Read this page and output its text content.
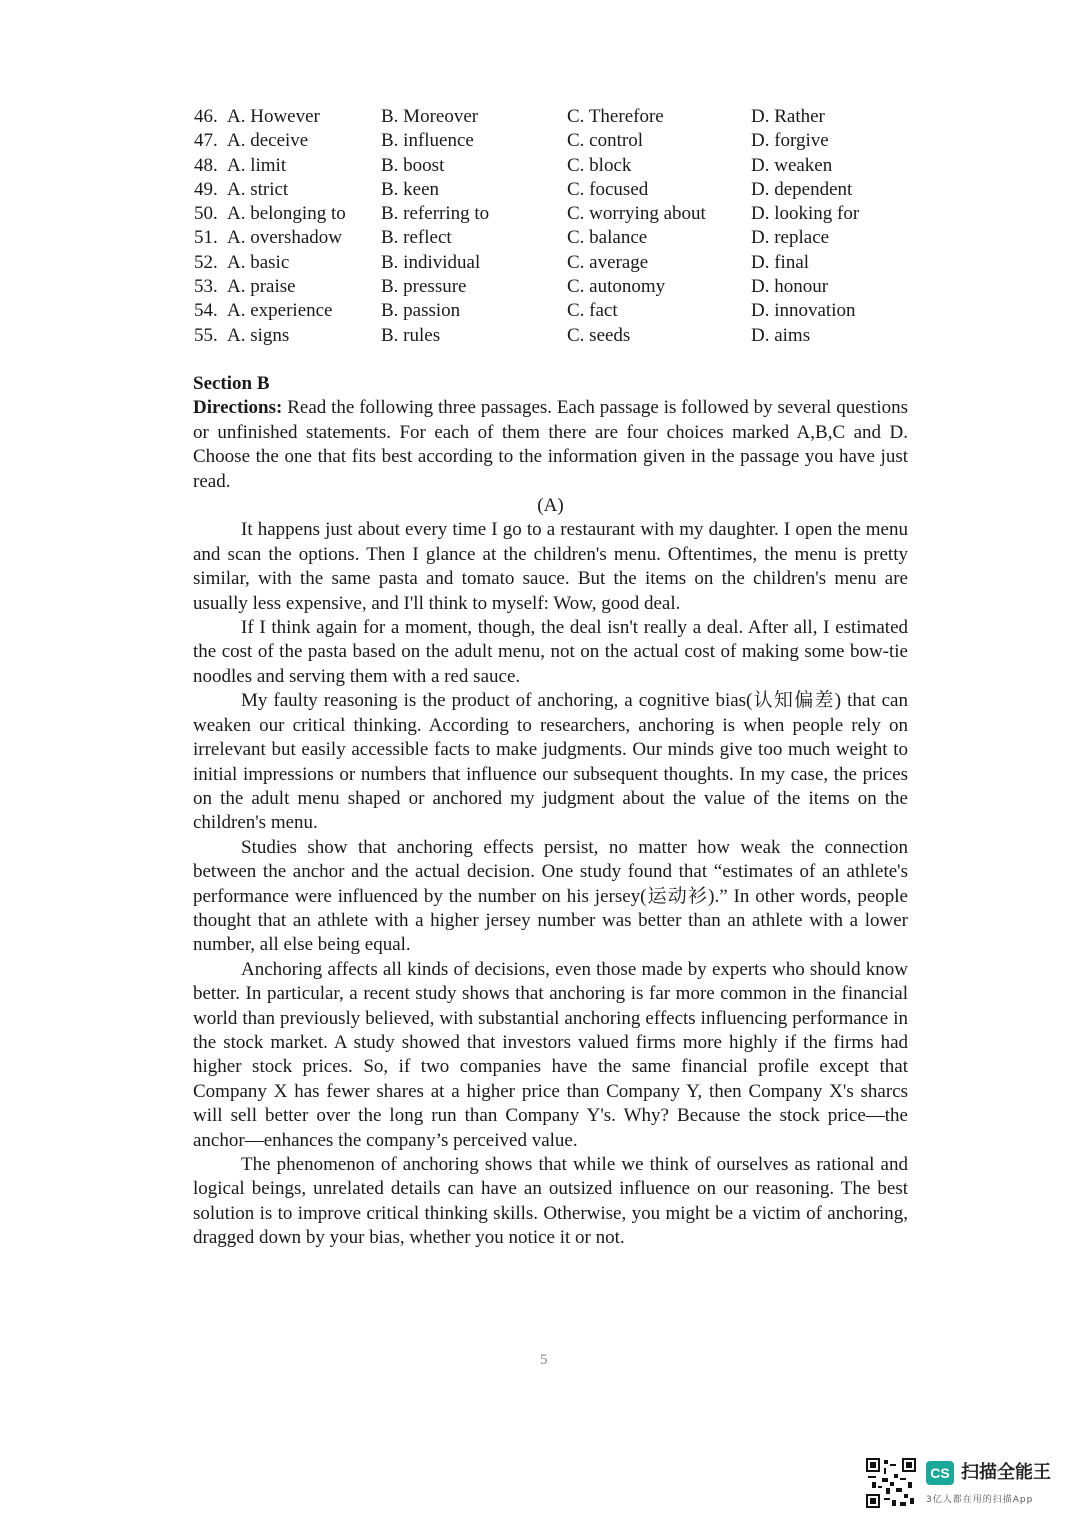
46. A. However	B. Moreover	C. Therefore	D. Rather
47. A. deceive	B. influence	C. control	D. forgive
48. A. limit	B. boost	C. block	D. weaken
49. A. strict	B. keen	C. focused	D. dependent
50. A. belonging to B. referring to	C. worrying about D. looking for
51. A. overshadow B. reflect	C. balance	D. replace
52. A. basic	B. individual	C. average	D. final
53. A. praise	B. pressure	C. autonomy	D. honour
54. A. experience	B. passion	C. fact	D. innovation
55. A. signs	B. rules	C. seeds	D. aims

Section B

Directions: Read the following three passages. Each passage is followed by several questions or unfinished statements. For each of them there are four choices marked A,B,C and D. Choose the one that fits best according to the information given in the passage you have just read.

(A)

It happens just about every time I go to a restaurant with my daughter. I open the menu and scan the options. Then I glance at the children's menu. Oftentimes, the menu is pretty similar, with the same pasta and tomato sauce. But the items on the children's menu are usually less expensive, and I'll think to myself: Wow, good deal.

If I think again for a moment, though, the deal isn't really a deal. After all, I estimated the cost of the pasta based on the adult menu, not on the actual cost of making some bow-tie noodles and serving them with a red sauce.

My faulty reasoning is the product of anchoring, a cognitive bias(认知偏差) that can weaken our critical thinking. According to researchers, anchoring is when people rely on irrelevant but easily accessible facts to make judgments. Our minds give too much weight to initial impressions or numbers that influence our subsequent thoughts. In my case, the prices on the adult menu shaped or anchored my judgment about the value of the items on the children's menu.

Studies show that anchoring effects persist, no matter how weak the connection between the anchor and the actual decision. One study found that “estimates of an athlete's performance were influenced by the number on his jersey(运动衫).” In other words, people thought that an athlete with a higher jersey number was better than an athlete with a lower number, all else being equal.

Anchoring affects all kinds of decisions, even those made by experts who should know better. In particular, a recent study shows that anchoring is far more common in the financial world than previously believed, with substantial anchoring effects influencing performance in the stock market. A study showed that investors valued firms more highly if the firms had higher stock prices. So, if two companies have the same financial profile except that Company X has fewer shares at a higher price than Company Y, then Company X's sharcs will sell better over the long run than Company Y's. Why? Because the stock price—the anchor—enhances the company’s perceived value.

The phenomenon of anchoring shows that while we think of ourselves as rational and logical beings, unrelated details can have an outsized influence on our reasoning. The best solution is to improve critical thinking skills. Otherwise, you might be a victim of anchoring, dragged down by your bias, whether you notice it or not.

5
CS 扫描全能王
3亿人都在用的扫描App
